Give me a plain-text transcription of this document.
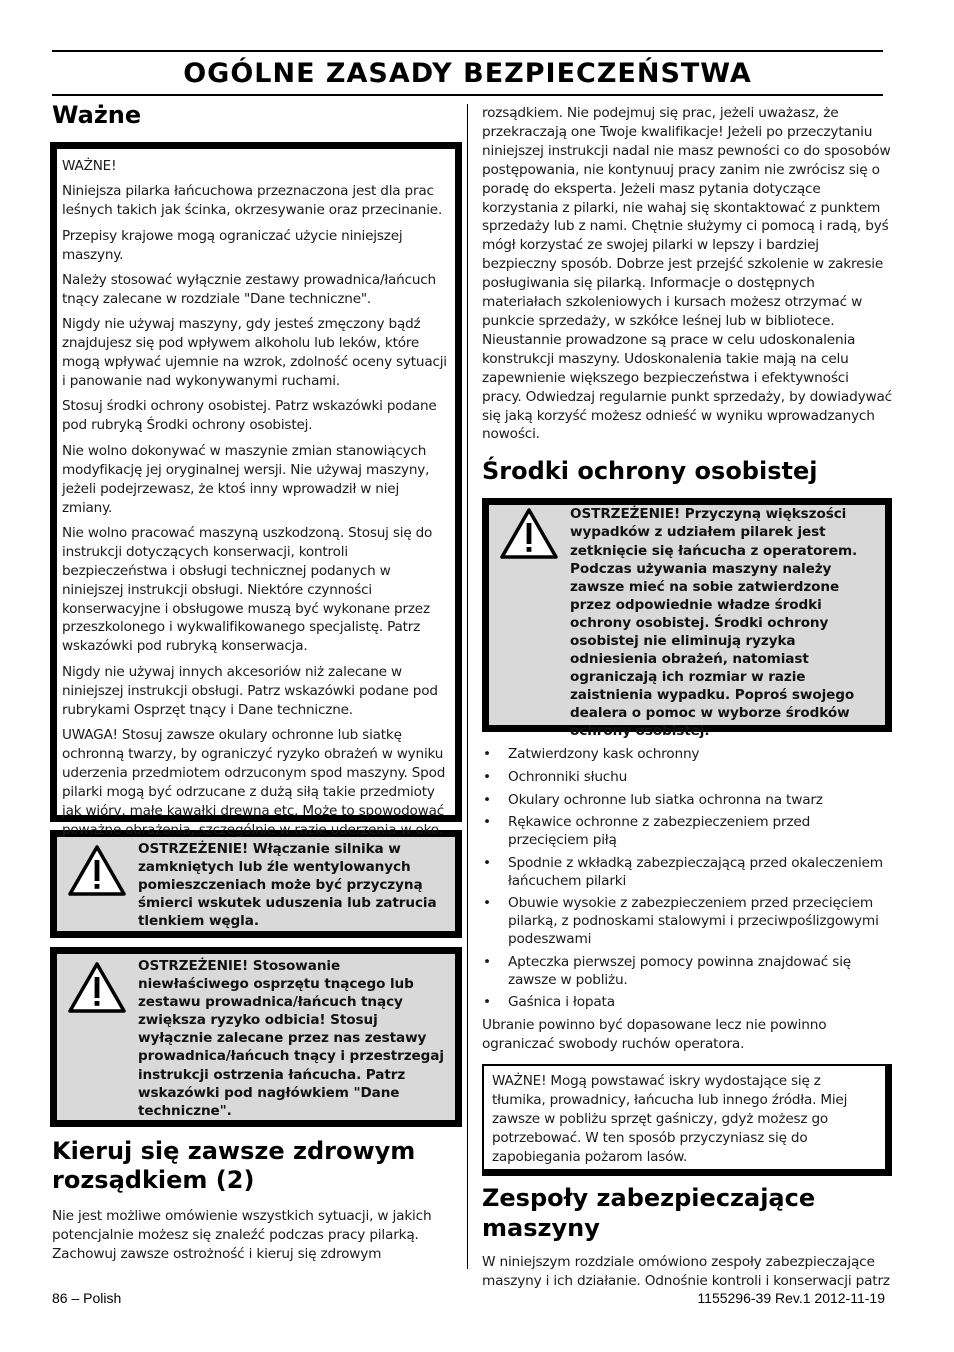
OGÓLNE ZASADY BEZPIECZEŃSTWA
Ważne

WAŻNE!

Niniejsza pilarka łańcuchowa przeznaczona jest dla prac leśnych takich jak ścinka, okrzesywanie oraz przecinanie.

Przepisy krajowe mogą ograniczać użycie niniejszej maszyny.

Należy stosować wyłącznie zestawy prowadnica/łańcuch tnący zalecane w rozdziale "Dane techniczne".

Nigdy nie używaj maszyny, gdy jesteś zmęczony bądź znajdujesz się pod wpływem alkoholu lub leków, które mogą wpływać ujemnie na wzrok, zdolność oceny sytuacji i panowanie nad wykonywanymi ruchami.

Stosuj środki ochrony osobistej. Patrz wskazówki podane pod rubryką Środki ochrony osobistej.

Nie wolno dokonywać w maszynie zmian stanowiących modyfikację jej oryginalnej wersji. Nie używaj maszyny, jeżeli podejrzewasz, że ktoś inny wprowadził w niej zmiany.

Nie wolno pracować maszyną uszkodzoną. Stosuj się do instrukcji dotyczących konserwacji, kontroli bezpieczeństwa i obsługi technicznej podanych w niniejszej instrukcji obsługi. Niektóre czynności konserwacyjne i obsługowe muszą być wykonane przez przeszkolonego i wykwalifikowanego specjalistę. Patrz wskazówki pod rubryką konserwacja.

Nigdy nie używaj innych akcesoriów niż zalecane w niniejszej instrukcji obsługi. Patrz wskazówki podane pod rubrykami Osprzęt tnący i Dane techniczne.

UWAGA! Stosuj zawsze okulary ochronne lub siatkę ochronną twarzy, by ograniczyć ryzyko obrażeń w wyniku uderzenia przedmiotem odrzuconym spod maszyny. Spod pilarki mogą być odrzucane z dużą siłą takie przedmioty jak wióry, małe kawałki drewna etc. Może to spowodować poważne obrażenia, szczególnie w razie uderzenia w oko.

OSTRZEŻENIE! Włączanie silnika w zamkniętych lub źle wentylowanych pomieszczeniach może być przyczyną śmierci wskutek uduszenia lub zatrucia tlenkiem węgla.
OSTRZEŻENIE! Stosowanie niewłaściwego osprzętu tnącego lub zestawu prowadnica/łańcuch tnący zwiększa ryzyko odbicia! Stosuj wyłącznie zalecane przez nas zestawy prowadnica/łańcuch tnący i przestrzegaj instrukcji ostrzenia łańcucha. Patrz wskazówki pod nagłówkiem "Dane techniczne".
Kieruj się zawsze zdrowym rozsądkiem (2)

Nie jest możliwe omówienie wszystkich sytuacji, w jakich potencjalnie możesz się znaleźć podczas pracy pilarką. Zachowuj zawsze ostrożność i kieruj się zdrowym

rozsądkiem. Nie podejmuj się prac, jeżeli uważasz, że przekraczają one Twoje kwalifikacje! Jeżeli po przeczytaniu niniejszej instrukcji nadal nie masz pewności co do sposobów postępowania, nie kontynuuj pracy zanim nie zwrócisz się o poradę do eksperta. Jeżeli masz pytania dotyczące korzystania z pilarki, nie wahaj się skontaktować z punktem sprzedaży lub z nami. Chętnie służymy ci pomocą i radą, byś mógł korzystać ze swojej pilarki w lepszy i bardziej bezpieczny sposób. Dobrze jest przejść szkolenie w zakresie posługiwania się pilarką. Informacje o dostępnych materiałach szkoleniowych i kursach możesz otrzymać w punkcie sprzedaży, w szkółce leśnej lub w bibliotece. Nieustannie prowadzone są prace w celu udoskonalenia konstrukcji maszyny. Udoskonalenia takie mają na celu zapewnienie większego bezpieczeństwa i efektywności pracy. Odwiedzaj regularnie punkt sprzedaży, by dowiadywać się jaką korzyść możesz odnieść w wyniku wprowadzanych nowości.

Środki ochrony osobistej
OSTRZEŻENIE! Przyczyną większości wypadków z udziałem pilarek jest zetknięcie się łańcucha z operatorem. Podczas używania maszyny należy zawsze mieć na sobie zatwierdzone przez odpowiednie władze środki ochrony osobistej. Środki ochrony osobistej nie eliminują ryzyka odniesienia obrażeń, natomiast ograniczają ich rozmiar w razie zaistnienia wypadku. Poproś swojego dealera o pomoc w wyborze środków ochrony osobistej.
• Zatwierdzony kask ochronny
• Ochronniki słuchu
• Okulary ochronne lub siatka ochronna na twarz
• Rękawice ochronne z zabezpieczeniem przed przecięciem piłą
• Spodnie z wkładką zabezpieczającą przed okaleczeniem łańcuchem pilarki
• Obuwie wysokie z zabezpieczeniem przed przecięciem pilarką, z podnoskami stalowymi i przeciwpoślizgowymi podeszwami
• Apteczka pierwszej pomocy powinna znajdować się zawsze w pobliżu.
• Gaśnica i łopata

Ubranie powinno być dopasowane lecz nie powinno ograniczać swobody ruchów operatora.

WAŻNE! Mogą powstawać iskry wydostające się z tłumika, prowadnicy, łańcucha lub innego źródła. Miej zawsze w pobliżu sprzęt gaśniczy, gdyż możesz go potrzebować. W ten sposób przyczyniasz się do zapobiegania pożarom lasów.

Zespoły zabezpieczające maszyny

W niniejszym rozdziale omówiono zespoły zabezpieczające maszyny i ich działanie. Odnośnie kontroli i konserwacji patrz

86 – Polish	1155296-39 Rev.1 2012-11-19
